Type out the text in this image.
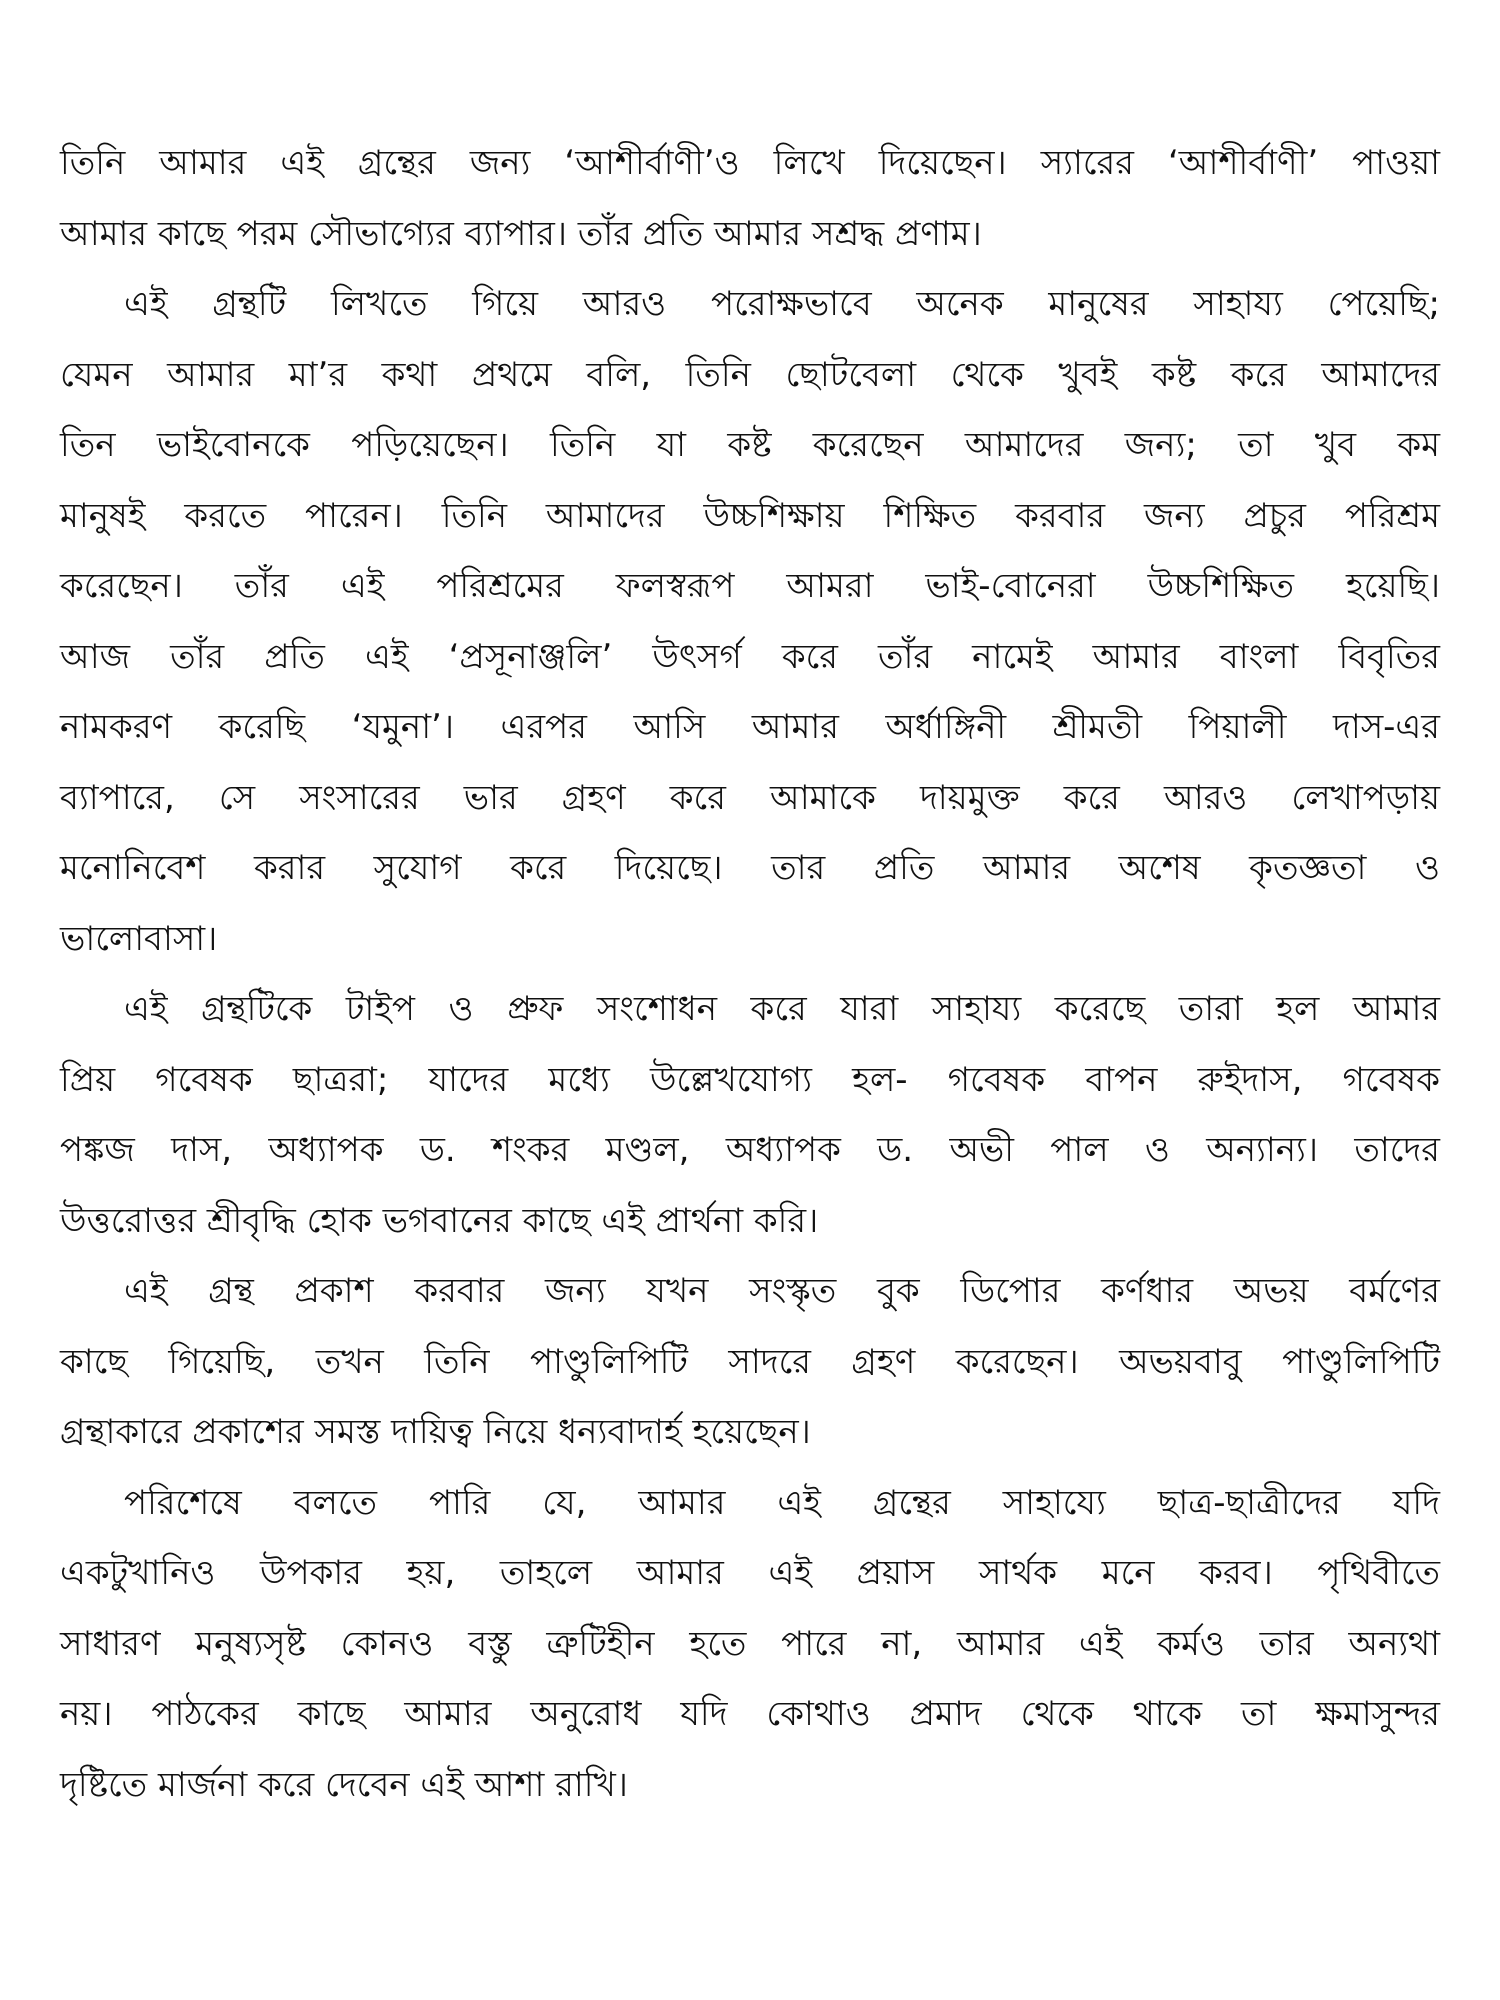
তিনি আমার এই গ্রন্থের জন্য ‘আশীর্বাণী’ও লিখে দিয়েছেন। স্যারের ‘আশীর্বাণী’ পাওয়া
আমার কাছে পরম সৌভাগ্যের ব্যাপার। তাঁর প্রতি আমার সশ্রদ্ধ প্রণাম।
এই গ্রন্থটি লিখতে গিয়ে আরও পরোক্ষভাবে অনেক মানুষের সাহায্য পেয়েছি;
যেমন আমার মা’র কথা প্রথমে বলি, তিনি ছোটবেলা থেকে খুবই কষ্ট করে আমাদের
তিন ভাইবোনকে পড়িয়েছেন। তিনি যা কষ্ট করেছেন আমাদের জন্য; তা খুব কম
মানুষই করতে পারেন। তিনি আমাদের উচ্চশিক্ষায় শিক্ষিত করবার জন্য প্রচুর পরিশ্রম
করেছেন। তাঁর এই পরিশ্রমের ফলস্বরূপ আমরা ভাই-বোনেরা উচ্চশিক্ষিত হয়েছি।
আজ তাঁর প্রতি এই ‘প্রসূনাঞ্জলি’ উৎসর্গ করে তাঁর নামেই আমার বাংলা বিবৃতির
নামকরণ করেছি ‘যমুনা’। এরপর আসি আমার অর্ধাঙ্গিনী শ্রীমতী পিয়ালী দাস-এর
ব্যাপারে, সে সংসারের ভার গ্রহণ করে আমাকে দায়মুক্ত করে আরও লেখাপড়ায়
মনোনিবেশ করার সুযোগ করে দিয়েছে। তার প্রতি আমার অশেষ কৃতজ্ঞতা ও
ভালোবাসা।
এই গ্রন্থটিকে টাইপ ও প্রুফ সংশোধন করে যারা সাহায্য করেছে তারা হল আমার
প্রিয় গবেষক ছাত্ররা; যাদের মধ্যে উল্লেখযোগ্য হল- গবেষক বাপন রুইদাস, গবেষক
পঙ্কজ দাস, অধ্যাপক ড. শংকর মণ্ডল, অধ্যাপক ড. অভী পাল ও অন্যান্য। তাদের
উত্তরোত্তর শ্রীবৃদ্ধি হোক ভগবানের কাছে এই প্রার্থনা করি।
এই গ্রন্থ প্রকাশ করবার জন্য যখন সংস্কৃত বুক ডিপোর কর্ণধার অভয় বর্মণের
কাছে গিয়েছি, তখন তিনি পাণ্ডুলিপিটি সাদরে গ্রহণ করেছেন। অভয়বাবু পাণ্ডুলিপিটি
গ্রন্থাকারে প্রকাশের সমস্ত দায়িত্ব নিয়ে ধন্যবাদার্হ হয়েছেন।
পরিশেষে বলতে পারি যে, আমার এই গ্রন্থের সাহায্যে ছাত্র-ছাত্রীদের যদি
একটুখানিও উপকার হয়, তাহলে আমার এই প্রয়াস সার্থক মনে করব। পৃথিবীতে
সাধারণ মনুষ্যসৃষ্ট কোনও বস্তু ত্রুটিহীন হতে পারে না, আমার এই কর্মও তার অন্যথা
নয়। পাঠকের কাছে আমার অনুরোধ যদি কোথাও প্রমাদ থেকে থাকে তা ক্ষমাসুন্দর
দৃষ্টিতে মার্জনা করে দেবেন এই আশা রাখি।
